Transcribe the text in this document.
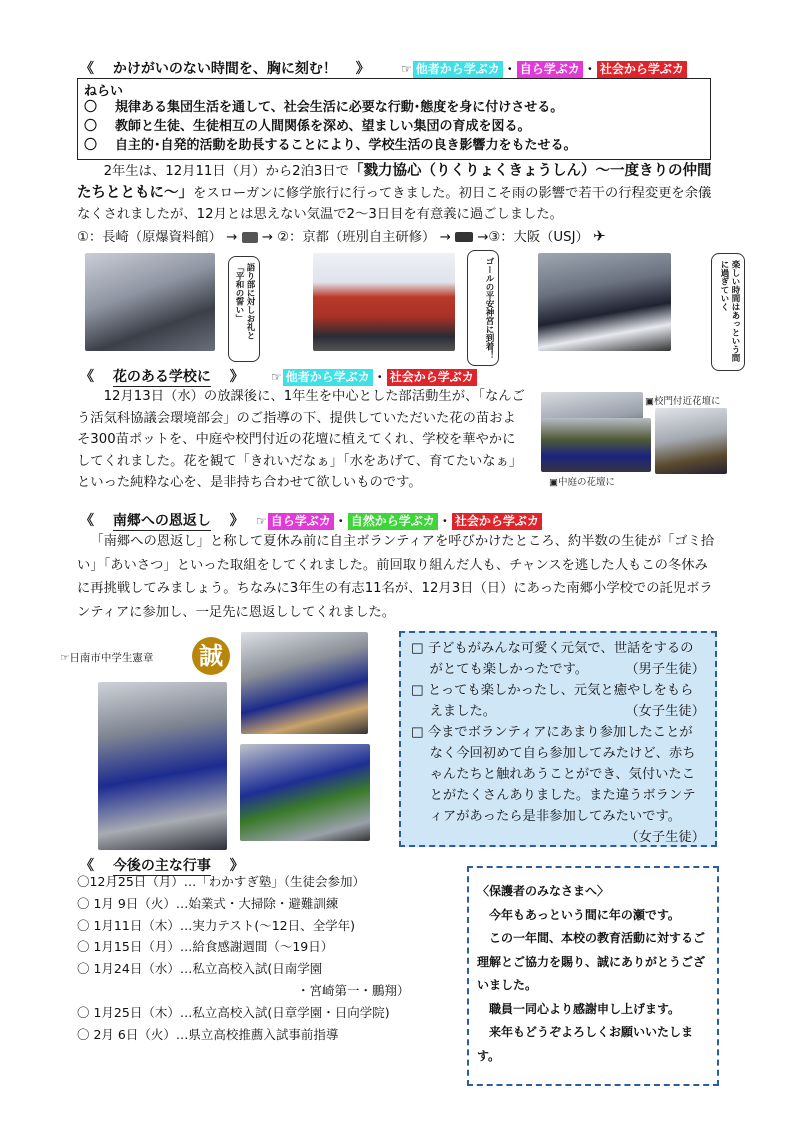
《 かけがいのない時間を、胸に刻む！ 》	☞ 他者から学ぶカ ・ 自ら学ぶカ ・ 社会から学ぶカ
ねらい
〇 規律ある集団生活を通して、社会生活に必要な行動･態度を身に付けさせる。
〇 教師と生徒、生徒相互の人間関係を深め、望ましい集団の育成を図る。
〇 自主的･自発的活動を助長することにより、学校生活の良き影響力をもたせる。
2年生は、12月11日（月）から2泊3日で「戮力協心（りくりょくきょうしん）〜一度きりの仲間たちとともに〜」をスローガンに修学旅行に行ってきました。初日こそ雨の影響で若干の行程変更を余儀なくされましたが、12月とは思えない気温で2〜3日目を有意義に過ごしました。
①：長崎（原爆資料館） → → ②：京都（班別自主研修） → →③：大阪（USJ） ✈
語り部に対しお礼と「平和の誓い」	ゴールの平安神宮に到着！	楽しい時間はあっという間に過ぎていく
《 花のある学校に 》 ☞ 他者から学ぶカ ・ 社会から学ぶカ
12月13日（水）の放課後に、1年生を中心とした部活動生が、「なんごう活気科協議会環境部会」のご指導の下、提供していただいた花の苗およそ300苗ポットを、中庭や校門付近の花壇に植えてくれ、学校を華やかにしてくれました。花を観て「きれいだなぁ」「水をあげて、育てたいなぁ」といった純粋な心を、是非持ち合わせて欲しいものです。
▣校門付近花壇に
▣中庭の花壇に
《 南郷への恩返し 》 ☞ 自ら学ぶカ ・ 自然から学ぶカ ・ 社会から学ぶカ
「南郷への恩返し」と称して夏休み前に自主ボランティアを呼びかけたところ、約半数の生徒が「ゴミ拾い」「あいさつ」といった取組をしてくれました。前回取り組んだ人も、チャンスを逃した人もこの冬休みに再挑戦してみましょう。ちなみに3年生の有志11名が、12月3日（日）にあった南郷小学校での託児ボランティアに参加し、一足先に恩返ししてくれました。
☞日南市中学生憲章 誠	□ 子どもがみんな可愛く元気で、世話をするのがとても楽しかったです。	（男子生徒）
□ とっても楽しかったし、元気と癒やしをもらえました。	（女子生徒）
□ 今までボランティアにあまり参加したことがなく今回初めて自ら参加してみたけど、赤ちゃんたちと触れあうことができ、気付いたことがたくさんありました。また違うボランティアがあったら是非参加してみたいです。
（女子生徒）
《 今後の主な行事 》
〇12月25日（月）…「わかすぎ塾」（生徒会参加）
〇 1月 9日（火）…始業式・大掃除・避難訓練
〇 1月11日（木）…実力テスト(〜12日、全学年)
〇 1月15日（月）…給食感謝週間（〜19日）
〇 1月24日（水）…私立高校入試(日南学園
・宮崎第一・鵬翔）
〇 1月25日（木）…私立高校入試(日章学園・日向学院)
〇 2月 6日（火）…県立高校推薦入試事前指導
〈保護者のみなさまへ〉
今年もあっという間に年の瀬です。
この一年間、本校の教育活動に対するご理解とご協力を賜り、誠にありがとうございました。
職員一同心より感謝申し上げます。
来年もどうぞよろしくお願いいたします。
